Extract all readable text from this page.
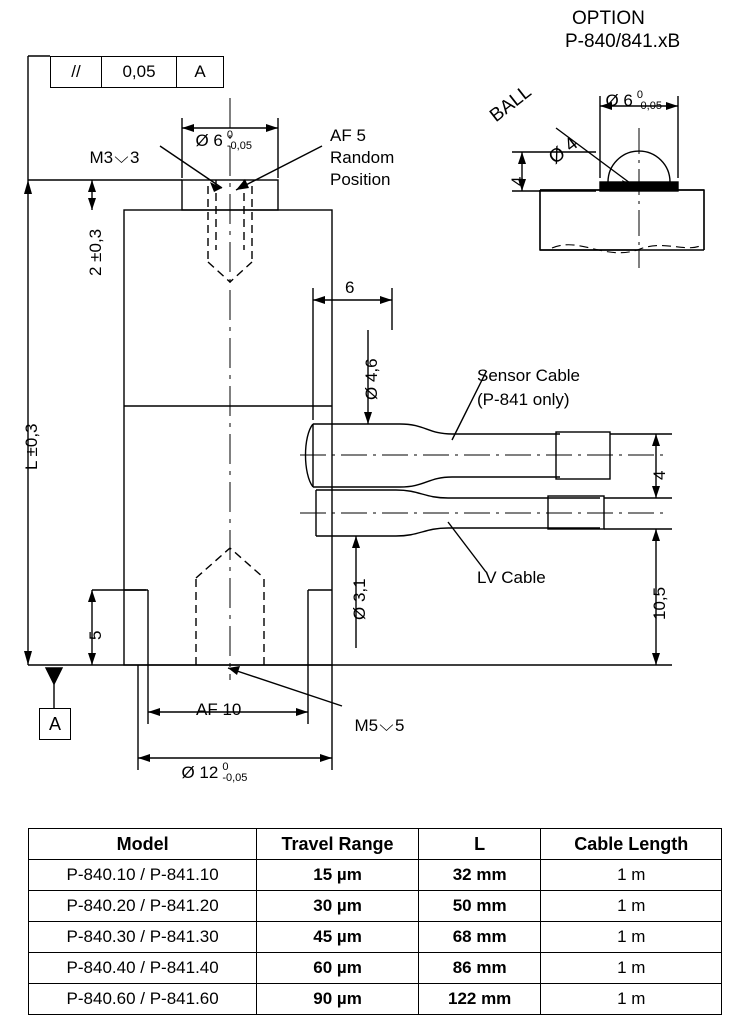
OPTION
P-840/841.xB
BALL
Ø 4

Ø 6 0
-0,05

4
//	0,05	A
A

M3⌵3

Ø 6 0
-0,05

AF 5
Random
Position
2 ±0,3
L ±0,3
6
Ø 4,6
Ø 3,1
Sensor Cable
(P-841 only)
LV Cable
4
10,5
5
AF 10

Ø 12 0
-0,05

M5⌵5

Model	Travel Range	L	Cable Length
P-840.10 / P-841.10	15 µm	32 mm	1 m
P-840.20 / P-841.20	30 µm	50 mm	1 m
P-840.30 / P-841.30	45 µm	68 mm	1 m
P-840.40 / P-841.40	60 µm	86 mm	1 m
P-840.60 / P-841.60	90 µm	122 mm	1 m
